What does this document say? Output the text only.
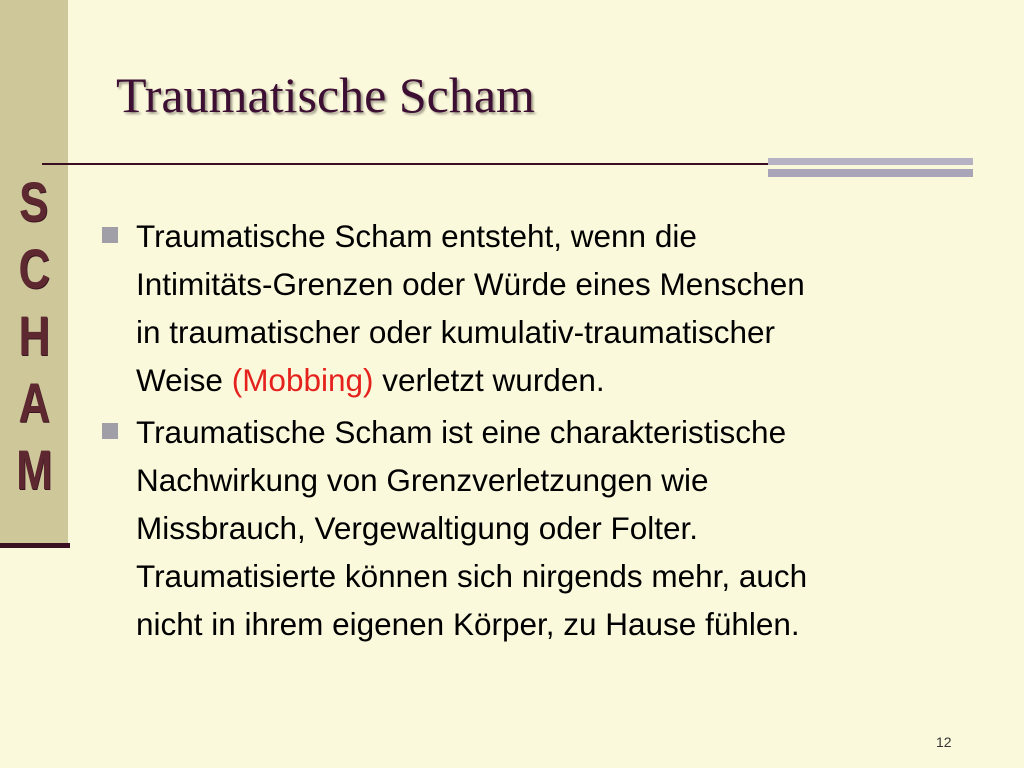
S
C
H
A
M
Traumatische Scham
Traumatische Scham entsteht, wenn die
Intimitäts-Grenzen oder Würde eines Menschen
in traumatischer oder kumulativ-traumatischer
Weise (Mobbing) verletzt wurden.
Traumatische Scham ist eine charakteristische
Nachwirkung von Grenzverletzungen wie
Missbrauch, Vergewaltigung oder Folter.
Traumatisierte können sich nirgends mehr, auch
nicht in ihrem eigenen Körper, zu Hause fühlen.
12
